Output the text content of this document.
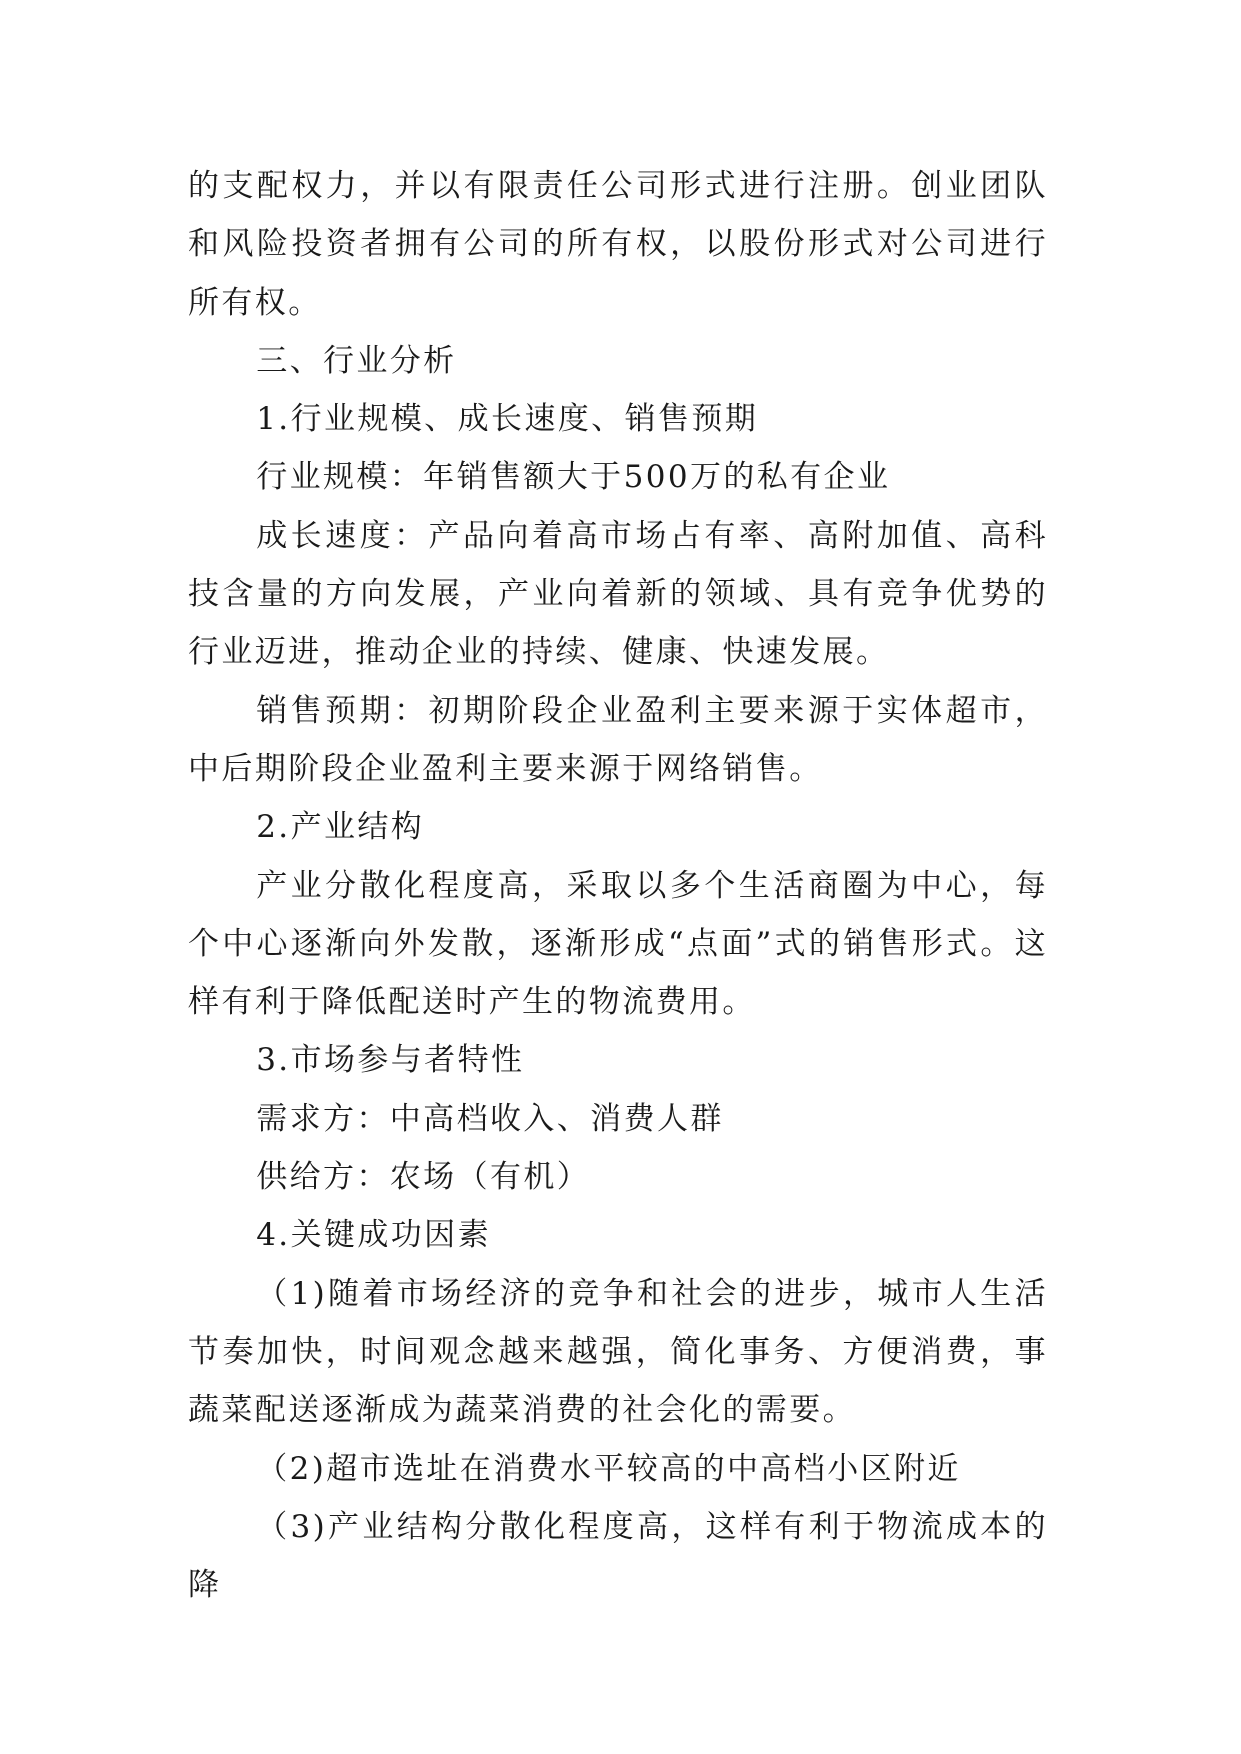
的支配权力，并以有限责任公司形式进行注册。创业团队和风险投资者拥有公司的所有权，以股份形式对公司进行所有权。

三、行业分析

1.行业规模、成长速度、销售预期

行业规模：年销售额大于500万的私有企业

成长速度：产品向着高市场占有率、高附加值、高科技含量的方向发展，产业向着新的领域、具有竞争优势的行业迈进，推动企业的持续、健康、快速发展。

销售预期：初期阶段企业盈利主要来源于实体超市，中后期阶段企业盈利主要来源于网络销售。

2.产业结构

产业分散化程度高，采取以多个生活商圈为中心，每个中心逐渐向外发散，逐渐形成“点面”式的销售形式。这样有利于降低配送时产生的物流费用。

3.市场参与者特性

需求方：中高档收入、消费人群

供给方：农场（有机）

4.关键成功因素

（1)随着市场经济的竞争和社会的进步，城市人生活节奏加快，时间观念越来越强，简化事务、方便消费，事蔬菜配送逐渐成为蔬菜消费的社会化的需要。

（2)超市选址在消费水平较高的中高档小区附近

（3)产业结构分散化程度高，这样有利于物流成本的降
